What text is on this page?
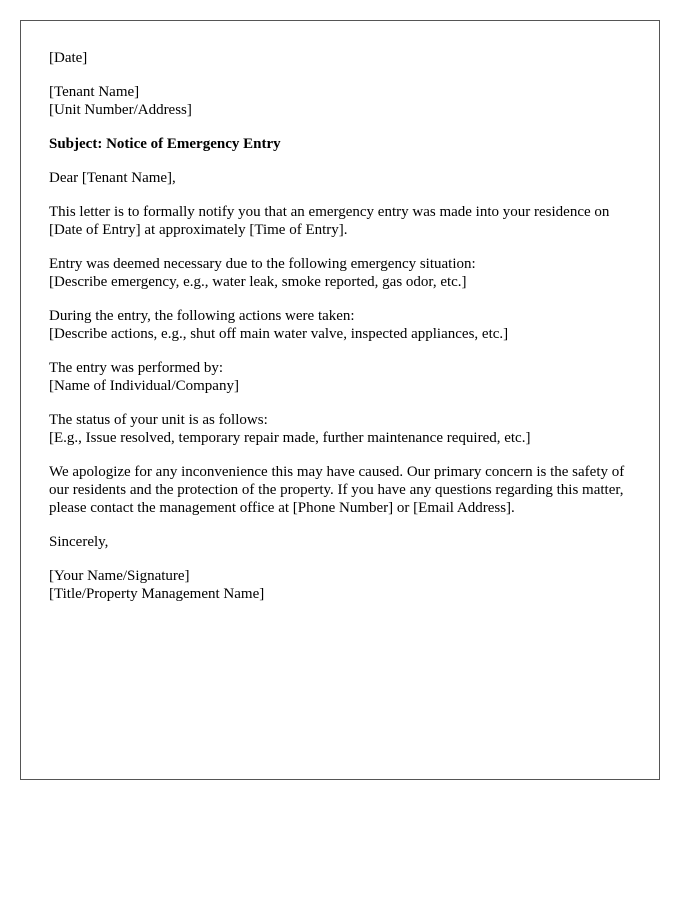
[Date]

[Tenant Name]
[Unit Number/Address]

Subject: Notice of Emergency Entry

Dear [Tenant Name],

This letter is to formally notify you that an emergency entry was made into your residence on [Date of Entry] at approximately [Time of Entry].

Entry was deemed necessary due to the following emergency situation:
[Describe emergency, e.g., water leak, smoke reported, gas odor, etc.]

During the entry, the following actions were taken:
[Describe actions, e.g., shut off main water valve, inspected appliances, etc.]

The entry was performed by:
[Name of Individual/Company]

The status of your unit is as follows:
[E.g., Issue resolved, temporary repair made, further maintenance required, etc.]

We apologize for any inconvenience this may have caused. Our primary concern is the safety of our residents and the protection of the property. If you have any questions regarding this matter, please contact the management office at [Phone Number] or [Email Address].

Sincerely,

[Your Name/Signature]
[Title/Property Management Name]
